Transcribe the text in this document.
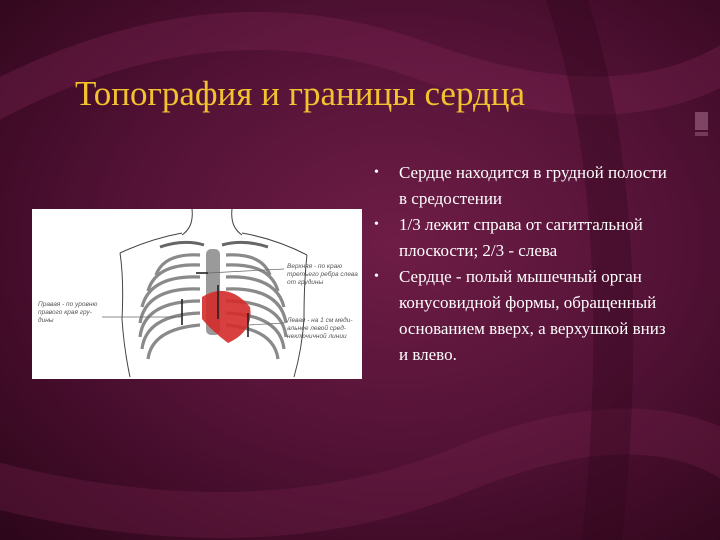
Топография и границы сердца
Верхняя - по краю
третьего ребра слева
от грудины
Правая - по уровню
правого края гру-
дины	Левая - на 1 см меди-
альнее левой сред-
неключичной линии
• Сердце находится в грудной полости в средостении
• 1/3 лежит справа от сагиттальной плоскости; 2/3 - слева
• Сердце - полый мышечный орган конусовидной формы, обращенный основанием вверх, а верхушкой вниз и влево.
